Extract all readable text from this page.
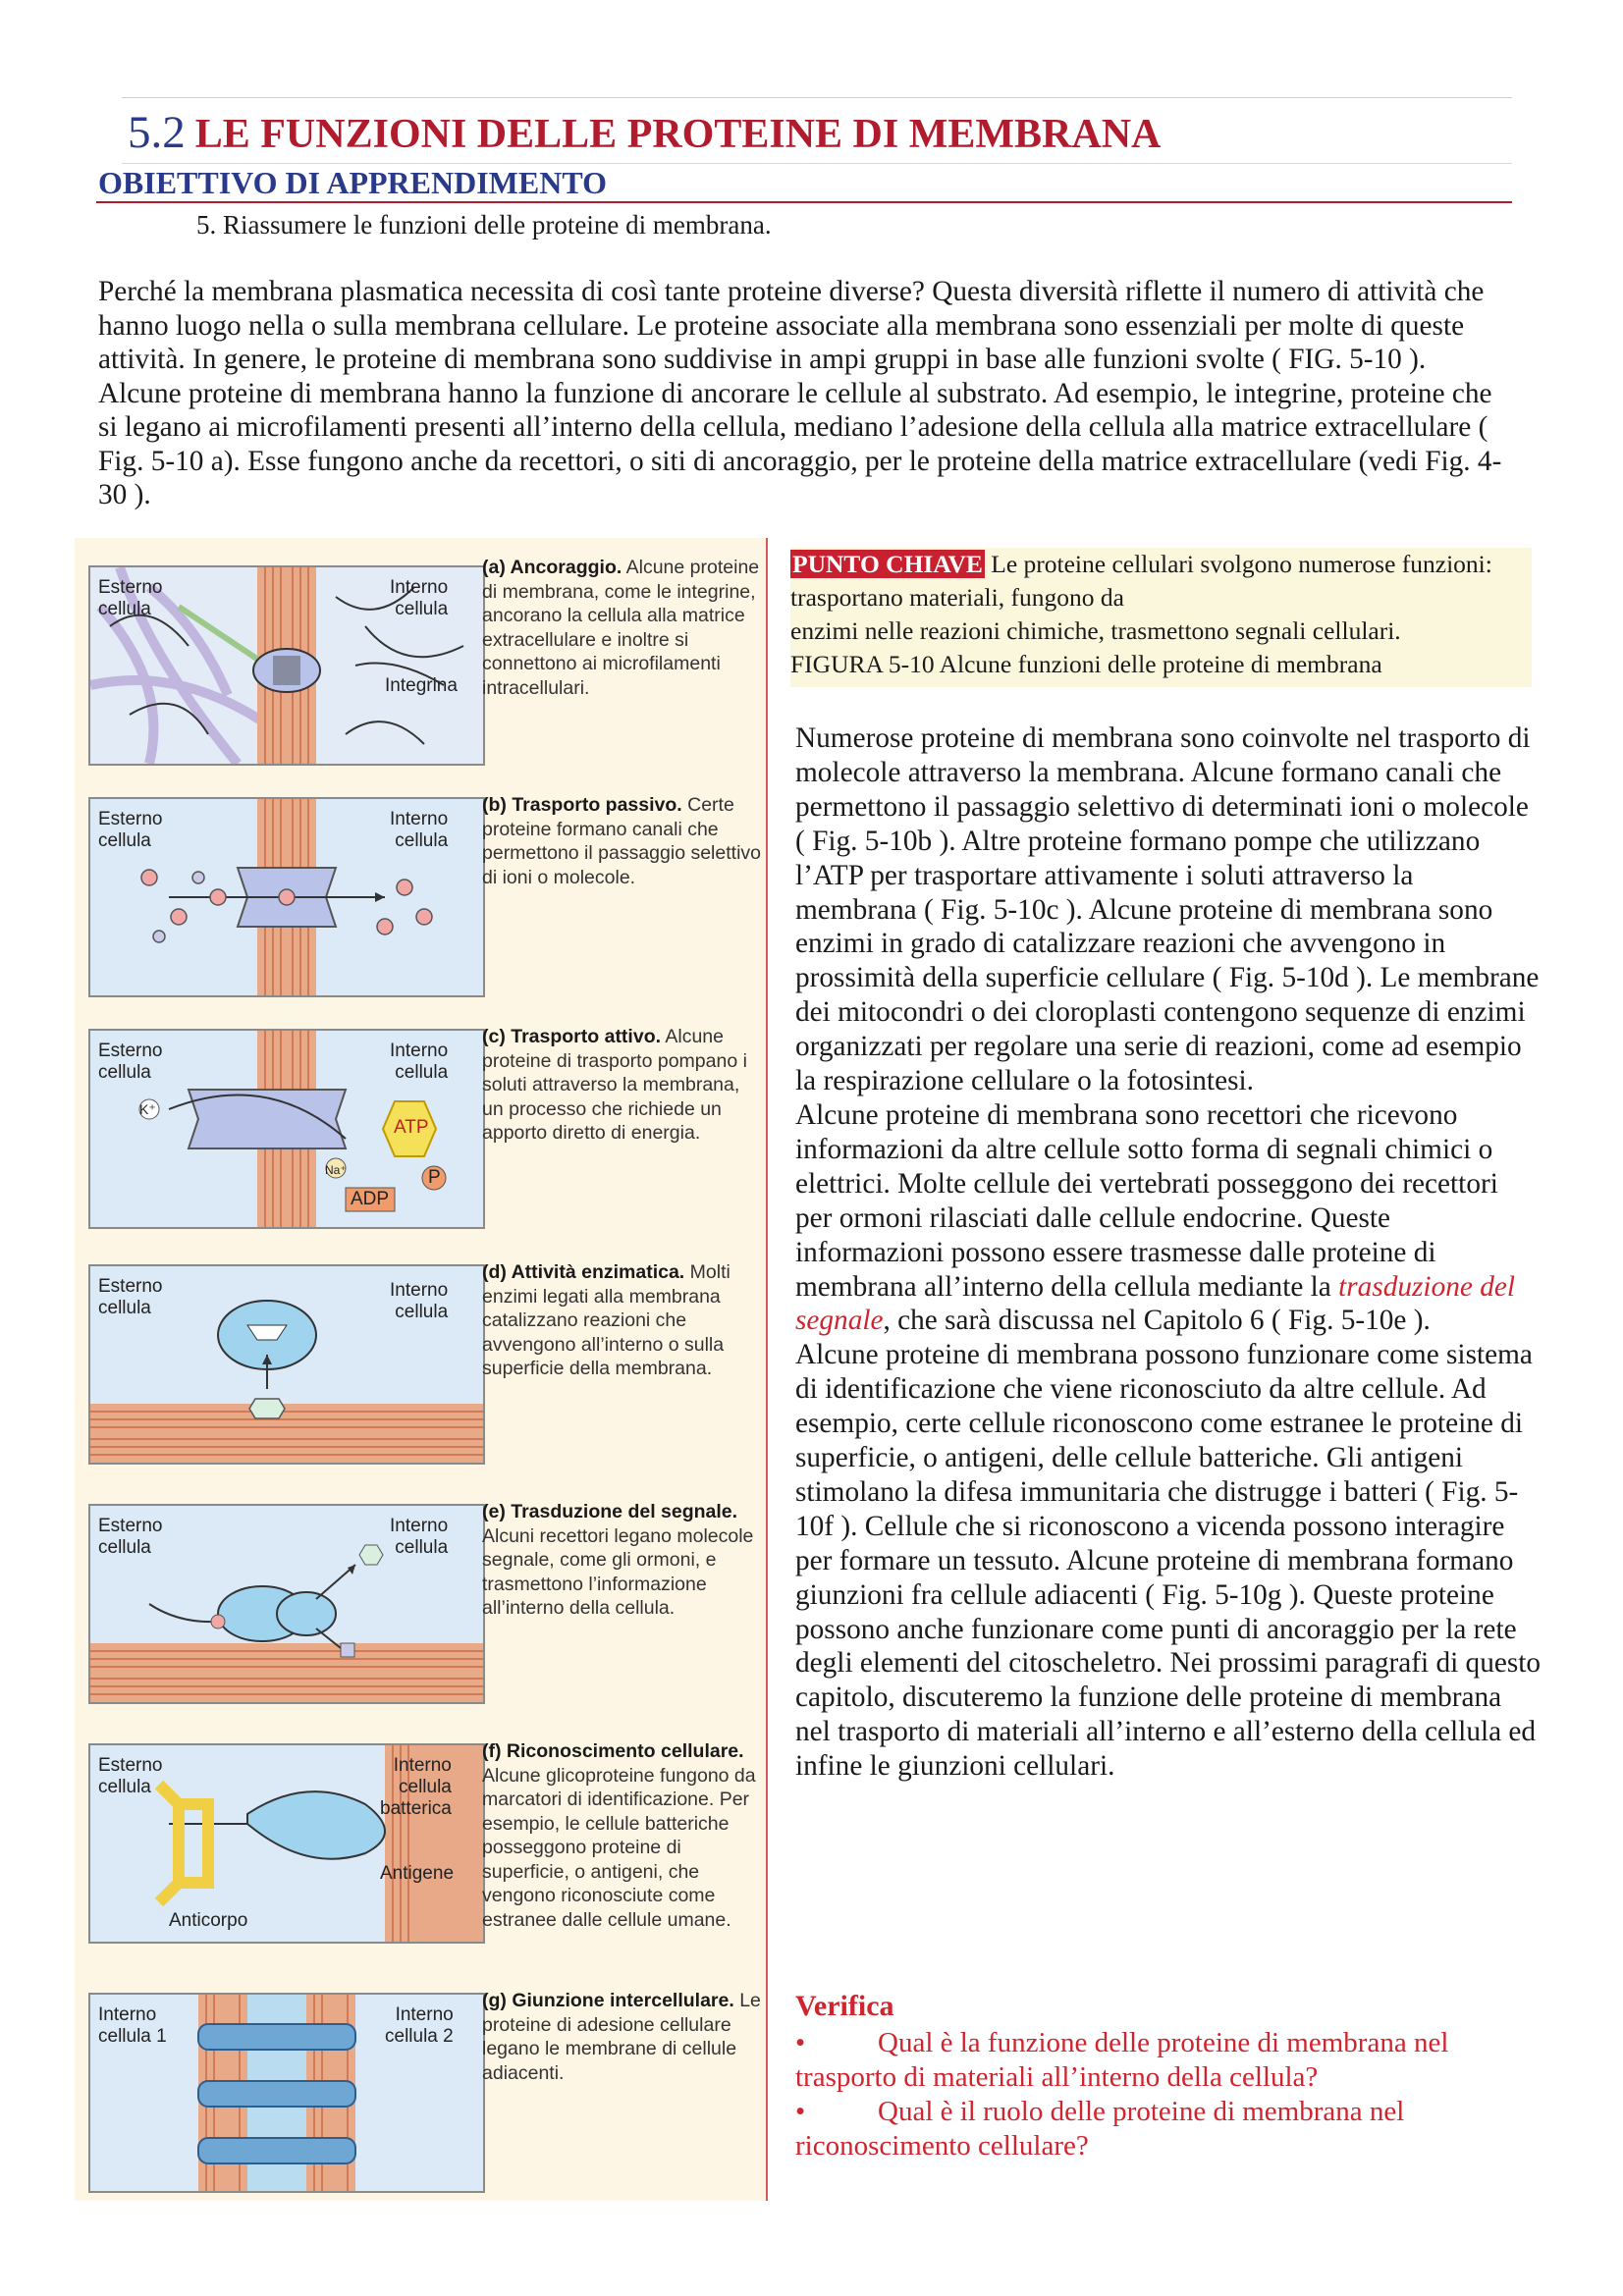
5.2 LE FUNZIONI DELLE PROTEINE DI MEMBRANA
OBIETTIVO DI APPRENDIMENTO
5. Riassumere le funzioni delle proteine di membrana.

Perché la membrana plasmatica necessita di così tante proteine diverse? Questa diversità riflette il numero di attività che hanno luogo nella o sulla membrana cellulare. Le proteine associate alla membrana sono essenziali per molte di queste attività. In genere, le proteine di membrana sono suddivise in ampi gruppi in base alle funzioni svolte ( FIG. 5-10 ). Alcune proteine di membrana hanno la funzione di ancorare le cellule al substrato. Ad esempio, le integrine, proteine che si legano ai microfilamenti presenti all’interno della cellula, mediano l’adesione della cellula alla matrice extracellulare ( Fig. 5-10 a). Esse fungono anche da recettori, o siti di ancoraggio, per le proteine della matrice extracellulare (vedi Fig. 4-30 ).

Esterno
cellula
Interno
cellula
Integrina
(a) Ancoraggio. Alcune proteine di membrana, come le integrine, ancorano la cellula alla matrice extracellulare e inoltre si connettono ai microfilamenti intracellulari.
Esterno
cellula
Interno
cellula
(b) Trasporto passivo. Certe proteine formano canali che permettono il passaggio selettivo di ioni o molecole.
Esterno
cellula
Interno
cellula
ATP
ADP
P
K⁺
Na⁺
(c) Trasporto attivo. Alcune proteine di trasporto pompano i soluti attraverso la membrana, un processo che richiede un apporto diretto di energia.
Esterno
cellula
Interno
cellula
(d) Attività enzimatica. Molti enzimi legati alla membrana catalizzano reazioni che avvengono all’interno o sulla superficie della membrana.
Esterno
cellula
Interno
cellula
(e) Trasduzione del segnale. Alcuni recettori legano molecole segnale, come gli ormoni, e trasmettono l’informazione all’interno della cellula.
Esterno
cellula
Interno
cellula
batterica
Antigene
Anticorpo
(f) Riconoscimento cellulare. Alcune glicoproteine fungono da marcatori di identificazione. Per esempio, le cellule batteriche posseggono proteine di superficie, o antigeni, che vengono riconosciute come estranee dalle cellule umane.
Interno
cellula 1
Interno
cellula 2
(g) Giunzione intercellulare. Le proteine di adesione cellulare legano le membrane di cellule adiacenti.
PUNTO CHIAVE Le proteine cellulari svolgono numerose funzioni: trasportano materiali, fungono da
enzimi nelle reazioni chimiche, trasmettono segnali cellulari.
FIGURA 5-10 Alcune funzioni delle proteine di membrana

Numerose proteine di membrana sono coinvolte nel trasporto di molecole attraverso la membrana. Alcune formano canali che permettono il passaggio selettivo di determinati ioni o molecole ( Fig. 5-10b ). Altre proteine formano pompe che utilizzano l’ATP per trasportare attivamente i soluti attraverso la membrana ( Fig. 5-10c ). Alcune proteine di membrana sono enzimi in grado di catalizzare reazioni che avvengono in prossimità della superficie cellulare ( Fig. 5-10d ). Le membrane dei mitocondri o dei cloroplasti contengono sequenze di enzimi organizzati per regolare una serie di reazioni, come ad esempio la respirazione cellulare o la fotosintesi.

Alcune proteine di membrana sono recettori che ricevono informazioni da altre cellule sotto forma di segnali chimici o elettrici. Molte cellule dei vertebrati posseggono dei recettori per ormoni rilasciati dalle cellule endocrine. Queste informazioni possono essere trasmesse dalle proteine di membrana all’interno della cellula mediante la trasduzione del segnale, che sarà discussa nel Capitolo 6 ( Fig. 5-10e ).

Alcune proteine di membrana possono funzionare come sistema di identificazione che viene riconosciuto da altre cellule. Ad esempio, certe cellule riconoscono come estranee le proteine di superficie, o antigeni, delle cellule batteriche. Gli antigeni stimolano la difesa immunitaria che distrugge i batteri ( Fig. 5-10f ). Cellule che si riconoscono a vicenda possono interagire per formare un tessuto. Alcune proteine di membrana formano giunzioni fra cellule adiacenti ( Fig. 5-10g ). Queste proteine possono anche funzionare come punti di ancoraggio per la rete degli elementi del citoscheletro. Nei prossimi paragrafi di questo capitolo, discuteremo la funzione delle proteine di membrana nel trasporto di materiali all’interno e all’esterno della cellula ed infine le giunzioni cellulari.

Verifica
•	Qual è la funzione delle proteine di membrana nel trasporto di materiali all’interno della cellula?
•	Qual è il ruolo delle proteine di membrana nel riconoscimento cellulare?
